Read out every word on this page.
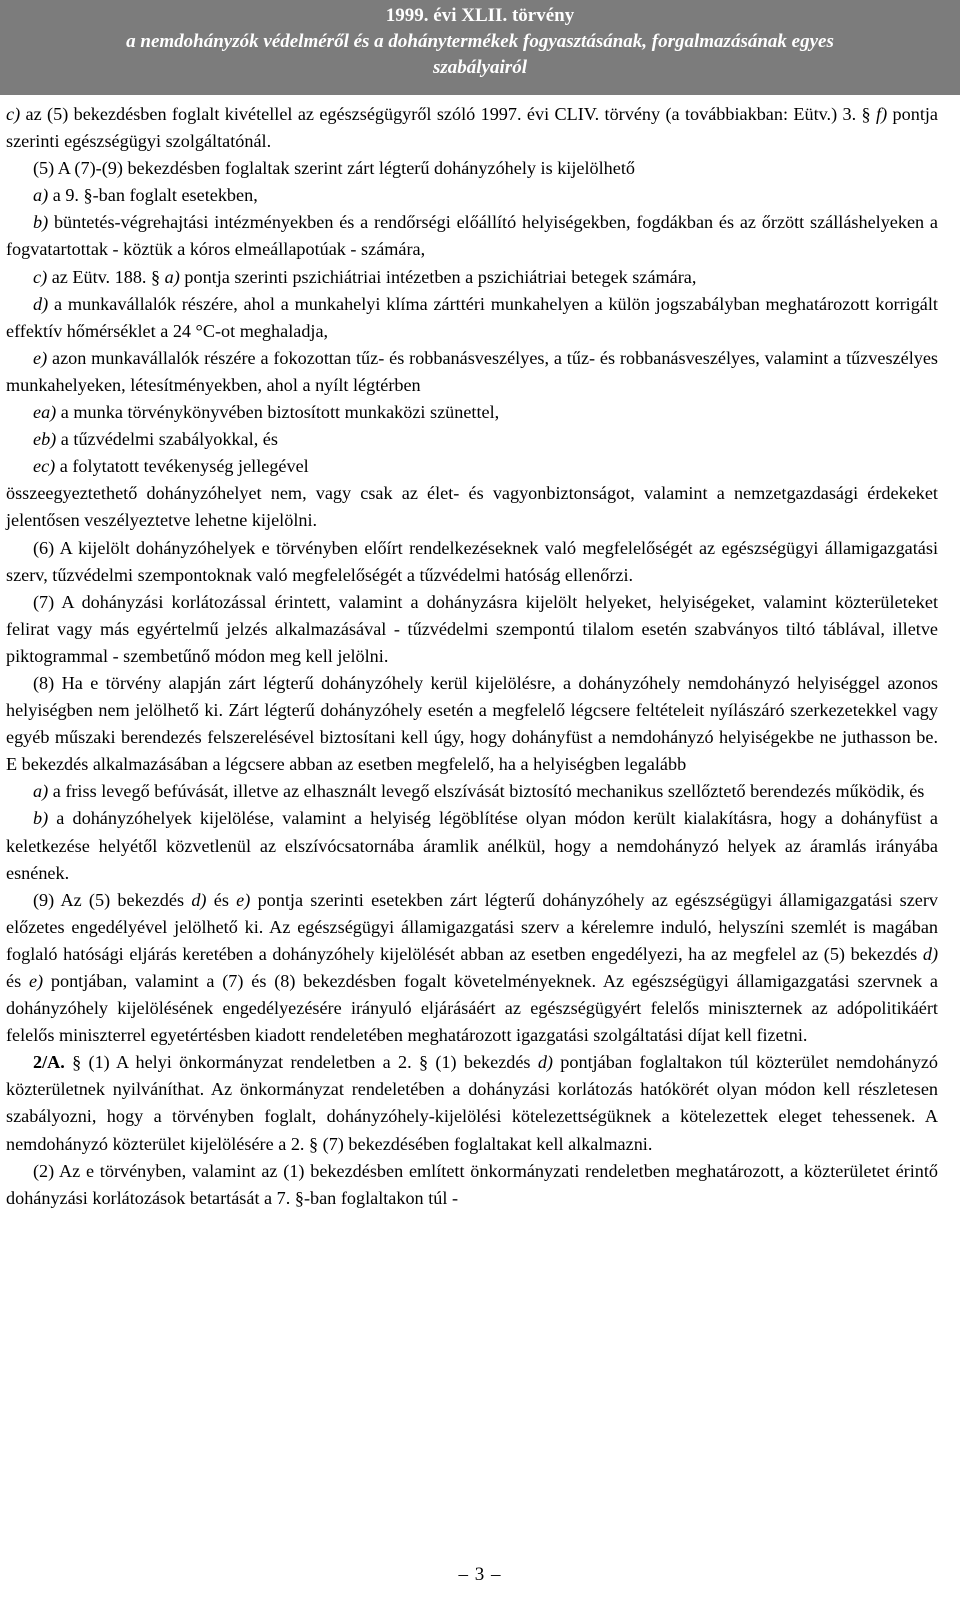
1999. évi XLII. törvény
a nemdohányzók védelméről és a dohánytermékek fogyasztásának, forgalmazásának egyes
szabályairól

c) az (5) bekezdésben foglalt kivétellel az egészségügyről szóló 1997. évi CLIV. törvény (a továbbiakban: Eütv.) 3. § f) pontja szerinti egészségügyi szolgáltatónál.

(5) A (7)-(9) bekezdésben foglaltak szerint zárt légterű dohányzóhely is kijelölhető

a) a 9. §-ban foglalt esetekben,

b) büntetés-végrehajtási intézményekben és a rendőrségi előállító helyiségekben, fogdákban és az őrzött szálláshelyeken a fogvatartottak - köztük a kóros elmeállapotúak - számára,

c) az Eütv. 188. § a) pontja szerinti pszichiátriai intézetben a pszichiátriai betegek számára,

d) a munkavállalók részére, ahol a munkahelyi klíma zárttéri munkahelyen a külön jogszabályban meghatározott korrigált effektív hőmérséklet a 24 °C-ot meghaladja,

e) azon munkavállalók részére a fokozottan tűz- és robbanásveszélyes, a tűz- és robbanásveszélyes, valamint a tűzveszélyes munkahelyeken, létesítményekben, ahol a nyílt légtérben

ea) a munka törvénykönyvében biztosított munkaközi szünettel,

eb) a tűzvédelmi szabályokkal, és

ec) a folytatott tevékenység jellegével

összeegyeztethető dohányzóhelyet nem, vagy csak az élet- és vagyonbiztonságot, valamint a nemzetgazdasági érdekeket jelentősen veszélyeztetve lehetne kijelölni.

(6) A kijelölt dohányzóhelyek e törvényben előírt rendelkezéseknek való megfelelőségét az egészségügyi államigazgatási szerv, tűzvédelmi szempontoknak való megfelelőségét a tűzvédelmi hatóság ellenőrzi.

(7) A dohányzási korlátozással érintett, valamint a dohányzásra kijelölt helyeket, helyiségeket, valamint közterületeket felirat vagy más egyértelmű jelzés alkalmazásával - tűzvédelmi szempontú tilalom esetén szabványos tiltó táblával, illetve piktogrammal - szembetűnő módon meg kell jelölni.

(8) Ha e törvény alapján zárt légterű dohányzóhely kerül kijelölésre, a dohányzóhely nemdohányzó helyiséggel azonos helyiségben nem jelölhető ki. Zárt légterű dohányzóhely esetén a megfelelő légcsere feltételeit nyílászáró szerkezetekkel vagy egyéb műszaki berendezés felszerelésével biztosítani kell úgy, hogy dohányfüst a nemdohányzó helyiségekbe ne juthasson be. E bekezdés alkalmazásában a légcsere abban az esetben megfelelő, ha a helyiségben legalább

a) a friss levegő befúvását, illetve az elhasznált levegő elszívását biztosító mechanikus szellőztető berendezés működik, és

b) a dohányzóhelyek kijelölése, valamint a helyiség légöblítése olyan módon került kialakításra, hogy a dohányfüst a keletkezése helyétől közvetlenül az elszívócsatornába áramlik anélkül, hogy a nemdohányzó helyek az áramlás irányába esnének.

(9) Az (5) bekezdés d) és e) pontja szerinti esetekben zárt légterű dohányzóhely az egészségügyi államigazgatási szerv előzetes engedélyével jelölhető ki. Az egészségügyi államigazgatási szerv a kérelemre induló, helyszíni szemlét is magában foglaló hatósági eljárás keretében a dohányzóhely kijelölését abban az esetben engedélyezi, ha az megfelel az (5) bekezdés d) és e) pontjában, valamint a (7) és (8) bekezdésben fogalt követelményeknek. Az egészségügyi államigazgatási szervnek a dohányzóhely kijelölésének engedélyezésére irányuló eljárásáért az egészségügyért felelős miniszternek az adópolitikáért felelős miniszterrel egyetértésben kiadott rendeletében meghatározott igazgatási szolgáltatási díjat kell fizetni.

2/A. § (1) A helyi önkormányzat rendeletben a 2. § (1) bekezdés d) pontjában foglaltakon túl közterület nemdohányzó közterületnek nyilváníthat. Az önkormányzat rendeletében a dohányzási korlátozás hatókörét olyan módon kell részletesen szabályozni, hogy a törvényben foglalt, dohányzóhely-kijelölési kötelezettségüknek a kötelezettek eleget tehessenek. A nemdohányzó közterület kijelölésére a 2. § (7) bekezdésében foglaltakat kell alkalmazni.

(2) Az e törvényben, valamint az (1) bekezdésben említett önkormányzati rendeletben meghatározott, a közterületet érintő dohányzási korlátozások betartását a 7. §-ban foglaltakon túl -

– 3 –
